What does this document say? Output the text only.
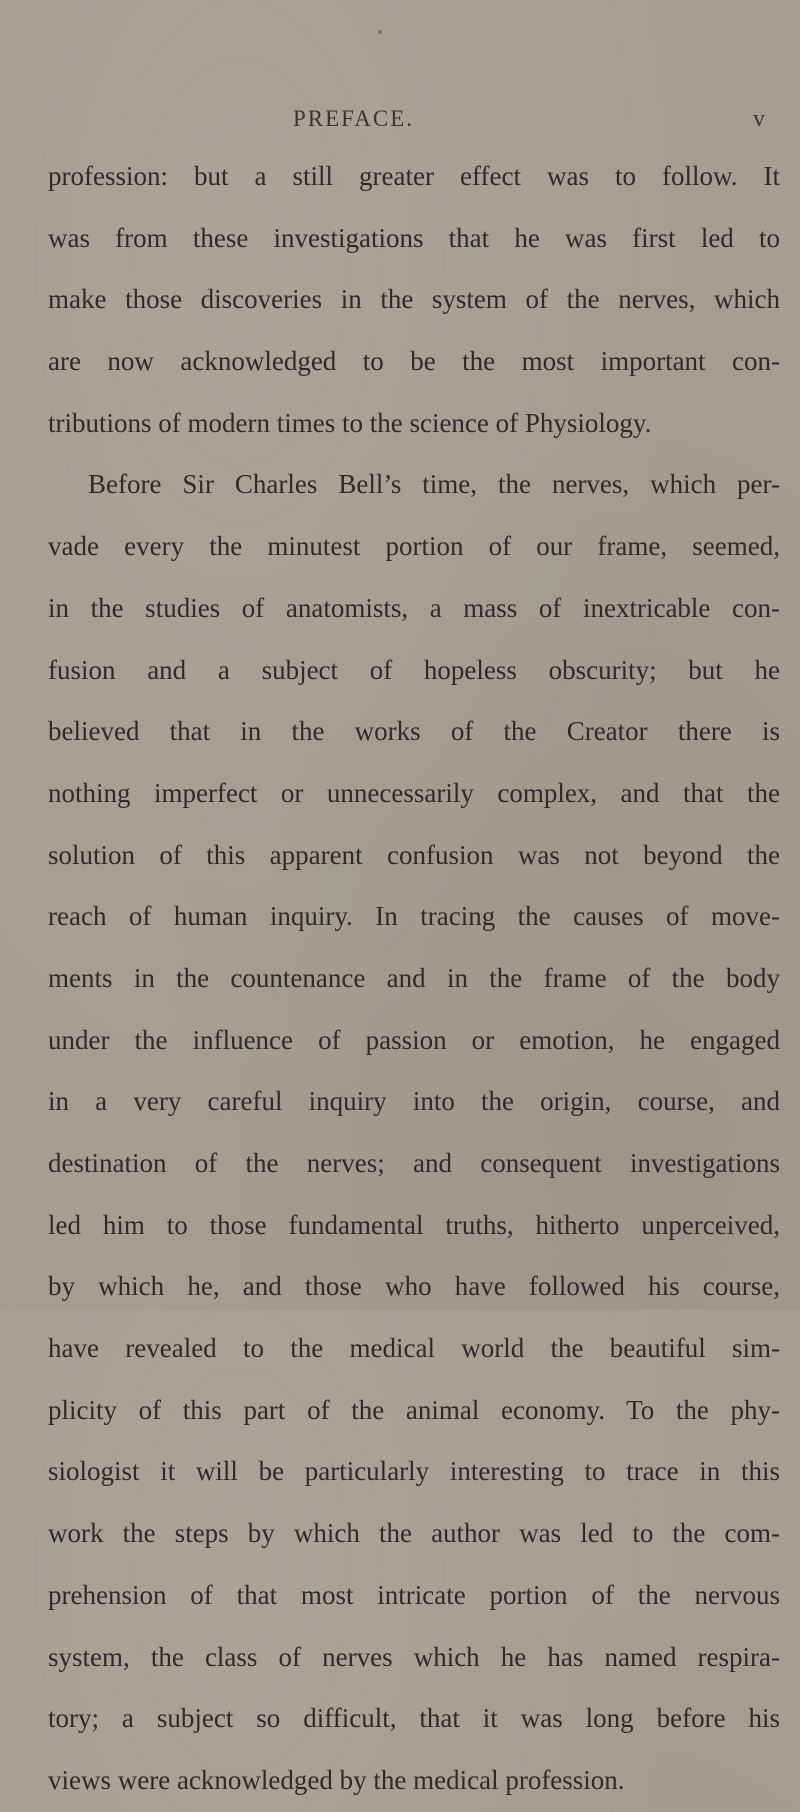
PREFACE.	v
profession: but a still greater effect was to follow. It
was from these investigations that he was first led to
make those discoveries in the system of the nerves, which
are now acknowledged to be the most important con-
tributions of modern times to the science of Physiology.
Before Sir Charles Bell’s time, the nerves, which per-
vade every the minutest portion of our frame, seemed,
in the studies of anatomists, a mass of inextricable con-
fusion and a subject of hopeless obscurity; but he
believed that in the works of the Creator there is
nothing imperfect or unnecessarily complex, and that the
solution of this apparent confusion was not beyond the
reach of human inquiry. In tracing the causes of move-
ments in the countenance and in the frame of the body
under the influence of passion or emotion, he engaged
in a very careful inquiry into the origin, course, and
destination of the nerves; and consequent investigations
led him to those fundamental truths, hitherto unperceived,
by which he, and those who have followed his course,
have revealed to the medical world the beautiful sim-
plicity of this part of the animal economy. To the phy-
siologist it will be particularly interesting to trace in this
work the steps by which the author was led to the com-
prehension of that most intricate portion of the nervous
system, the class of nerves which he has named respira-
tory; a subject so difficult, that it was long before his
views were acknowledged by the medical profession.
